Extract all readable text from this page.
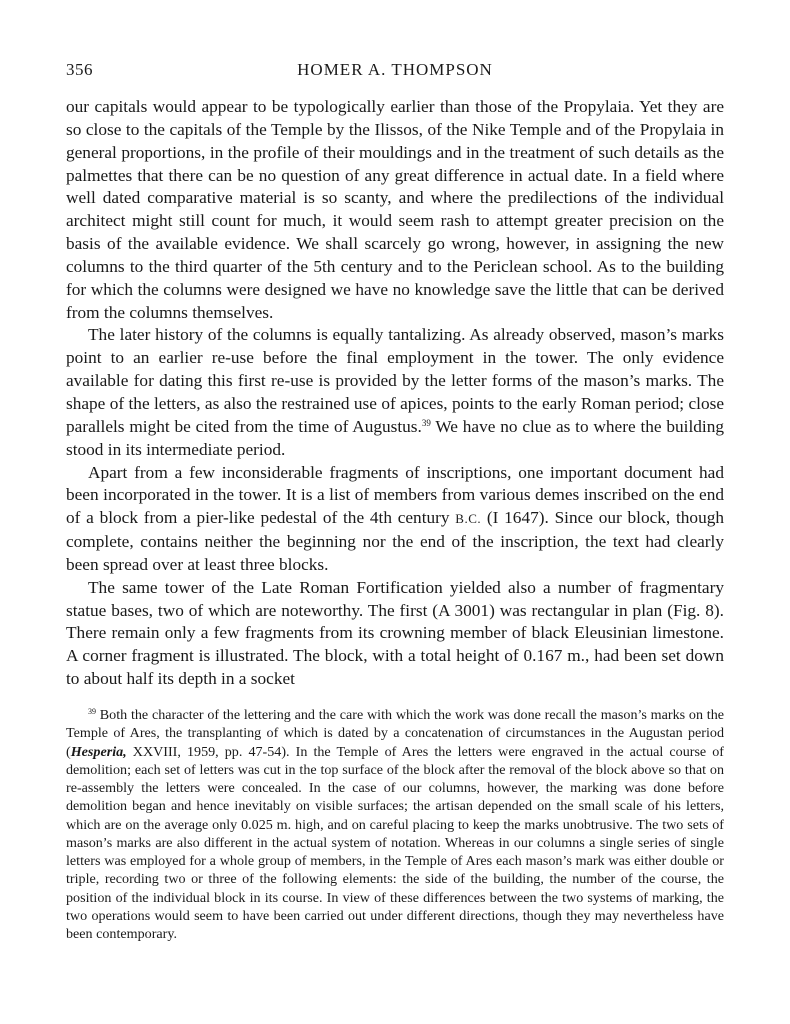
356	HOMER A. THOMPSON

our capitals would appear to be typologically earlier than those of the Propylaia. Yet they are so close to the capitals of the Temple by the Ilissos, of the Nike Temple and of the Propylaia in general proportions, in the profile of their mouldings and in the treatment of such details as the palmettes that there can be no question of any great difference in actual date. In a field where well dated comparative material is so scanty, and where the predilections of the individual architect might still count for much, it would seem rash to attempt greater precision on the basis of the available evidence. We shall scarcely go wrong, however, in assigning the new columns to the third quarter of the 5th century and to the Periclean school. As to the building for which the columns were designed we have no knowledge save the little that can be derived from the columns themselves.

The later history of the columns is equally tantalizing. As already observed, mason’s marks point to an earlier re-use before the final employment in the tower. The only evidence available for dating this first re-use is provided by the letter forms of the mason’s marks. The shape of the letters, as also the restrained use of apices, points to the early Roman period; close parallels might be cited from the time of Augustus.$^{39}$ We have no clue as to where the building stood in its intermediate period.

Apart from a few inconsiderable fragments of inscriptions, one important document had been incorporated in the tower. It is a list of members from various demes inscribed on the end of a block from a pier-like pedestal of the 4th century B.C. (I 1647). Since our block, though complete, contains neither the beginning nor the end of the inscription, the text had clearly been spread over at least three blocks.

The same tower of the Late Roman Fortification yielded also a number of fragmentary statue bases, two of which are noteworthy. The first (A 3001) was rectangular in plan (Fig. 8). There remain only a few fragments from its crowning member of black Eleusinian limestone. A corner fragment is illustrated. The block, with a total height of 0.167 m., had been set down to about half its depth in a socket

$^{39}$ Both the character of the lettering and the care with which the work was done recall the mason’s marks on the Temple of Ares, the transplanting of which is dated by a concatenation of circumstances in the Augustan period (Hesperia, XXVIII, 1959, pp. 47-54). In the Temple of Ares the letters were engraved in the actual course of demolition; each set of letters was cut in the top surface of the block after the removal of the block above so that on re-assembly the letters were concealed. In the case of our columns, however, the marking was done before demolition began and hence inevitably on visible surfaces; the artisan depended on the small scale of his letters, which are on the average only 0.025 m. high, and on careful placing to keep the marks unobtrusive. The two sets of mason’s marks are also different in the actual system of notation. Whereas in our columns a single series of single letters was employed for a whole group of members, in the Temple of Ares each mason’s mark was either double or triple, recording two or three of the following elements: the side of the building, the number of the course, the position of the individual block in its course. In view of these differences between the two systems of marking, the two operations would seem to have been carried out under different directions, though they may nevertheless have been contemporary.
